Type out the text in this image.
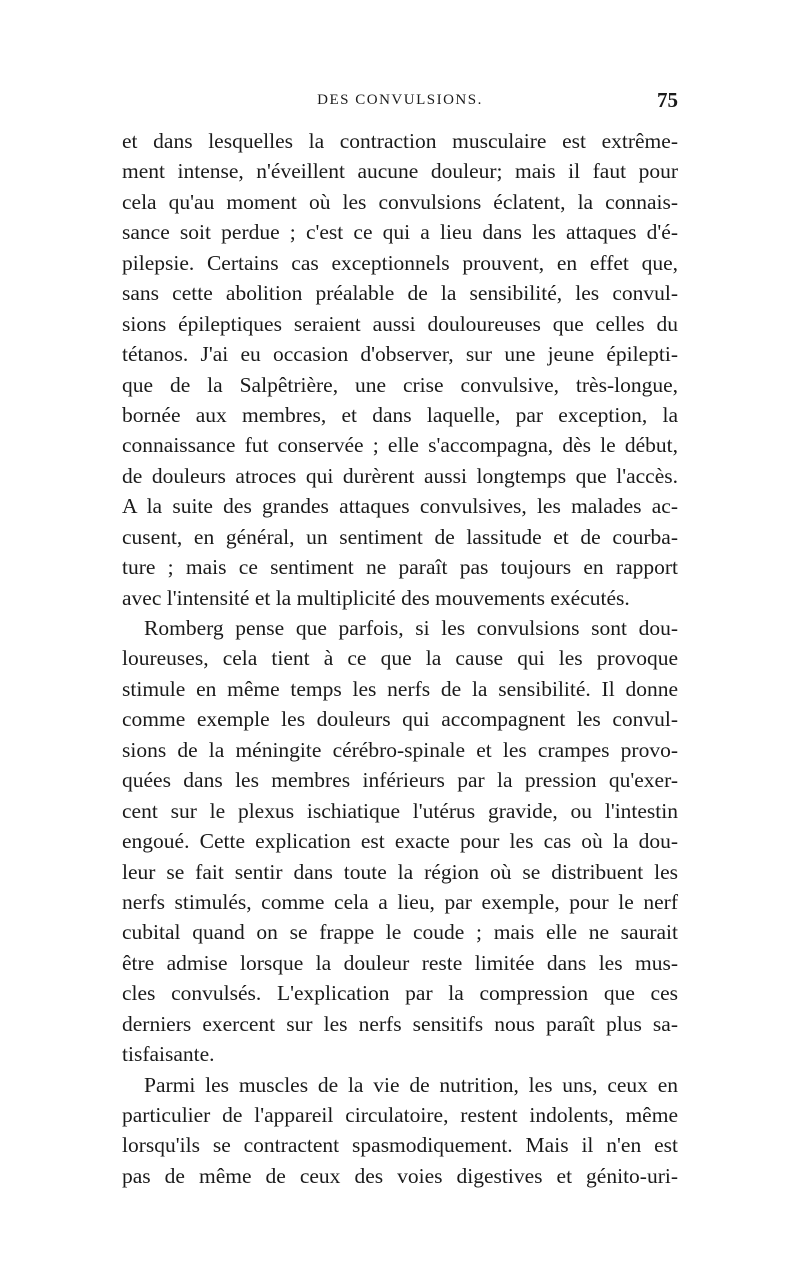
DES CONVULSIONS.	75
et dans lesquelles la contraction musculaire est extrême-
ment intense, n'éveillent aucune douleur; mais il faut pour
cela qu'au moment où les convulsions éclatent, la connais-
sance soit perdue ; c'est ce qui a lieu dans les attaques d'é-
pilepsie. Certains cas exceptionnels prouvent, en effet que,
sans cette abolition préalable de la sensibilité, les convul-
sions épileptiques seraient aussi douloureuses que celles du
tétanos. J'ai eu occasion d'observer, sur une jeune épilepti-
que de la Salpêtrière, une crise convulsive, très-longue,
bornée aux membres, et dans laquelle, par exception, la
connaissance fut conservée ; elle s'accompagna, dès le début,
de douleurs atroces qui durèrent aussi longtemps que l'accès.
A la suite des grandes attaques convulsives, les malades ac-
cusent, en général, un sentiment de lassitude et de courba-
ture ; mais ce sentiment ne paraît pas toujours en rapport
avec l'intensité et la multiplicité des mouvements exécutés.
Romberg pense que parfois, si les convulsions sont dou-
loureuses, cela tient à ce que la cause qui les provoque
stimule en même temps les nerfs de la sensibilité. Il donne
comme exemple les douleurs qui accompagnent les convul-
sions de la méningite cérébro-spinale et les crampes provo-
quées dans les membres inférieurs par la pression qu'exer-
cent sur le plexus ischiatique l'utérus gravide, ou l'intestin
engoué. Cette explication est exacte pour les cas où la dou-
leur se fait sentir dans toute la région où se distribuent les
nerfs stimulés, comme cela a lieu, par exemple, pour le nerf
cubital quand on se frappe le coude ; mais elle ne saurait
être admise lorsque la douleur reste limitée dans les mus-
cles convulsés. L'explication par la compression que ces
derniers exercent sur les nerfs sensitifs nous paraît plus sa-
tisfaisante.
Parmi les muscles de la vie de nutrition, les uns, ceux en
particulier de l'appareil circulatoire, restent indolents, même
lorsqu'ils se contractent spasmodiquement. Mais il n'en est
pas de même de ceux des voies digestives et génito-uri-
